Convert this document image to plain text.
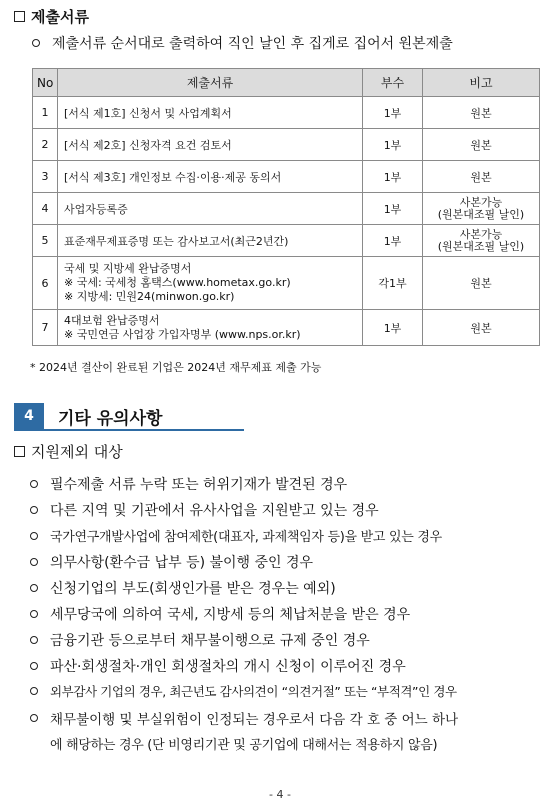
제출서류
제출서류 순서대로 출력하여 직인 날인 후 집게로 집어서 원본제출
No	제출서류	부수	비고
1	[서식 제1호] 신청서 및 사업계획서	1부	원본
2	[서식 제2호] 신청자격 요건 검토서	1부	원본
3	[서식 제3호] 개인정보 수집·이용·제공 동의서	1부	원본
4	사업자등록증	1부	사본가능
(원본대조필 날인)

5	표준재무제표증명 또는 감사보고서(최근2년간)	1부	사본가능
(원본대조필 날인)

6	국세 및 지방세 완납증명서
※ 국세: 국세청 홈택스(www.hometax.go.kr)
※ 지방세: 민원24(minwon.go.kr)	각1부	원본
7	4대보험 완납증명서
※ 국민연금 사업장 가입자명부 (www.nps.or.kr)	1부	원본
* 2024년 결산이 완료된 기업은 2024년 재무제표 제출 가능
4	기타 유의사항
지원제외 대상
필수제출 서류 누락 또는 허위기재가 발견된 경우
다른 지역 및 기관에서 유사사업을 지원받고 있는 경우
국가연구개발사업에 참여제한(대표자, 과제책임자 등)을 받고 있는 경우
의무사항(환수금 납부 등) 불이행 중인 경우
신청기업의 부도(회생인가를 받은 경우는 예외)
세무당국에 의하여 국세, 지방세 등의 체납처분을 받은 경우
금융기관 등으로부터 채무불이행으로 규제 중인 경우
파산·회생절차·개인 회생절차의 개시 신청이 이루어진 경우
외부감사 기업의 경우, 최근년도 감사의견이 “의견거절” 또는 “부적격”인 경우
채무불이행 및 부실위험이 인정되는 경우로서 다음 각 호 중 어느 하나
에 해당하는 경우 (단 비영리기관 및 공기업에 대해서는 적용하지 않음)
- 4 -
